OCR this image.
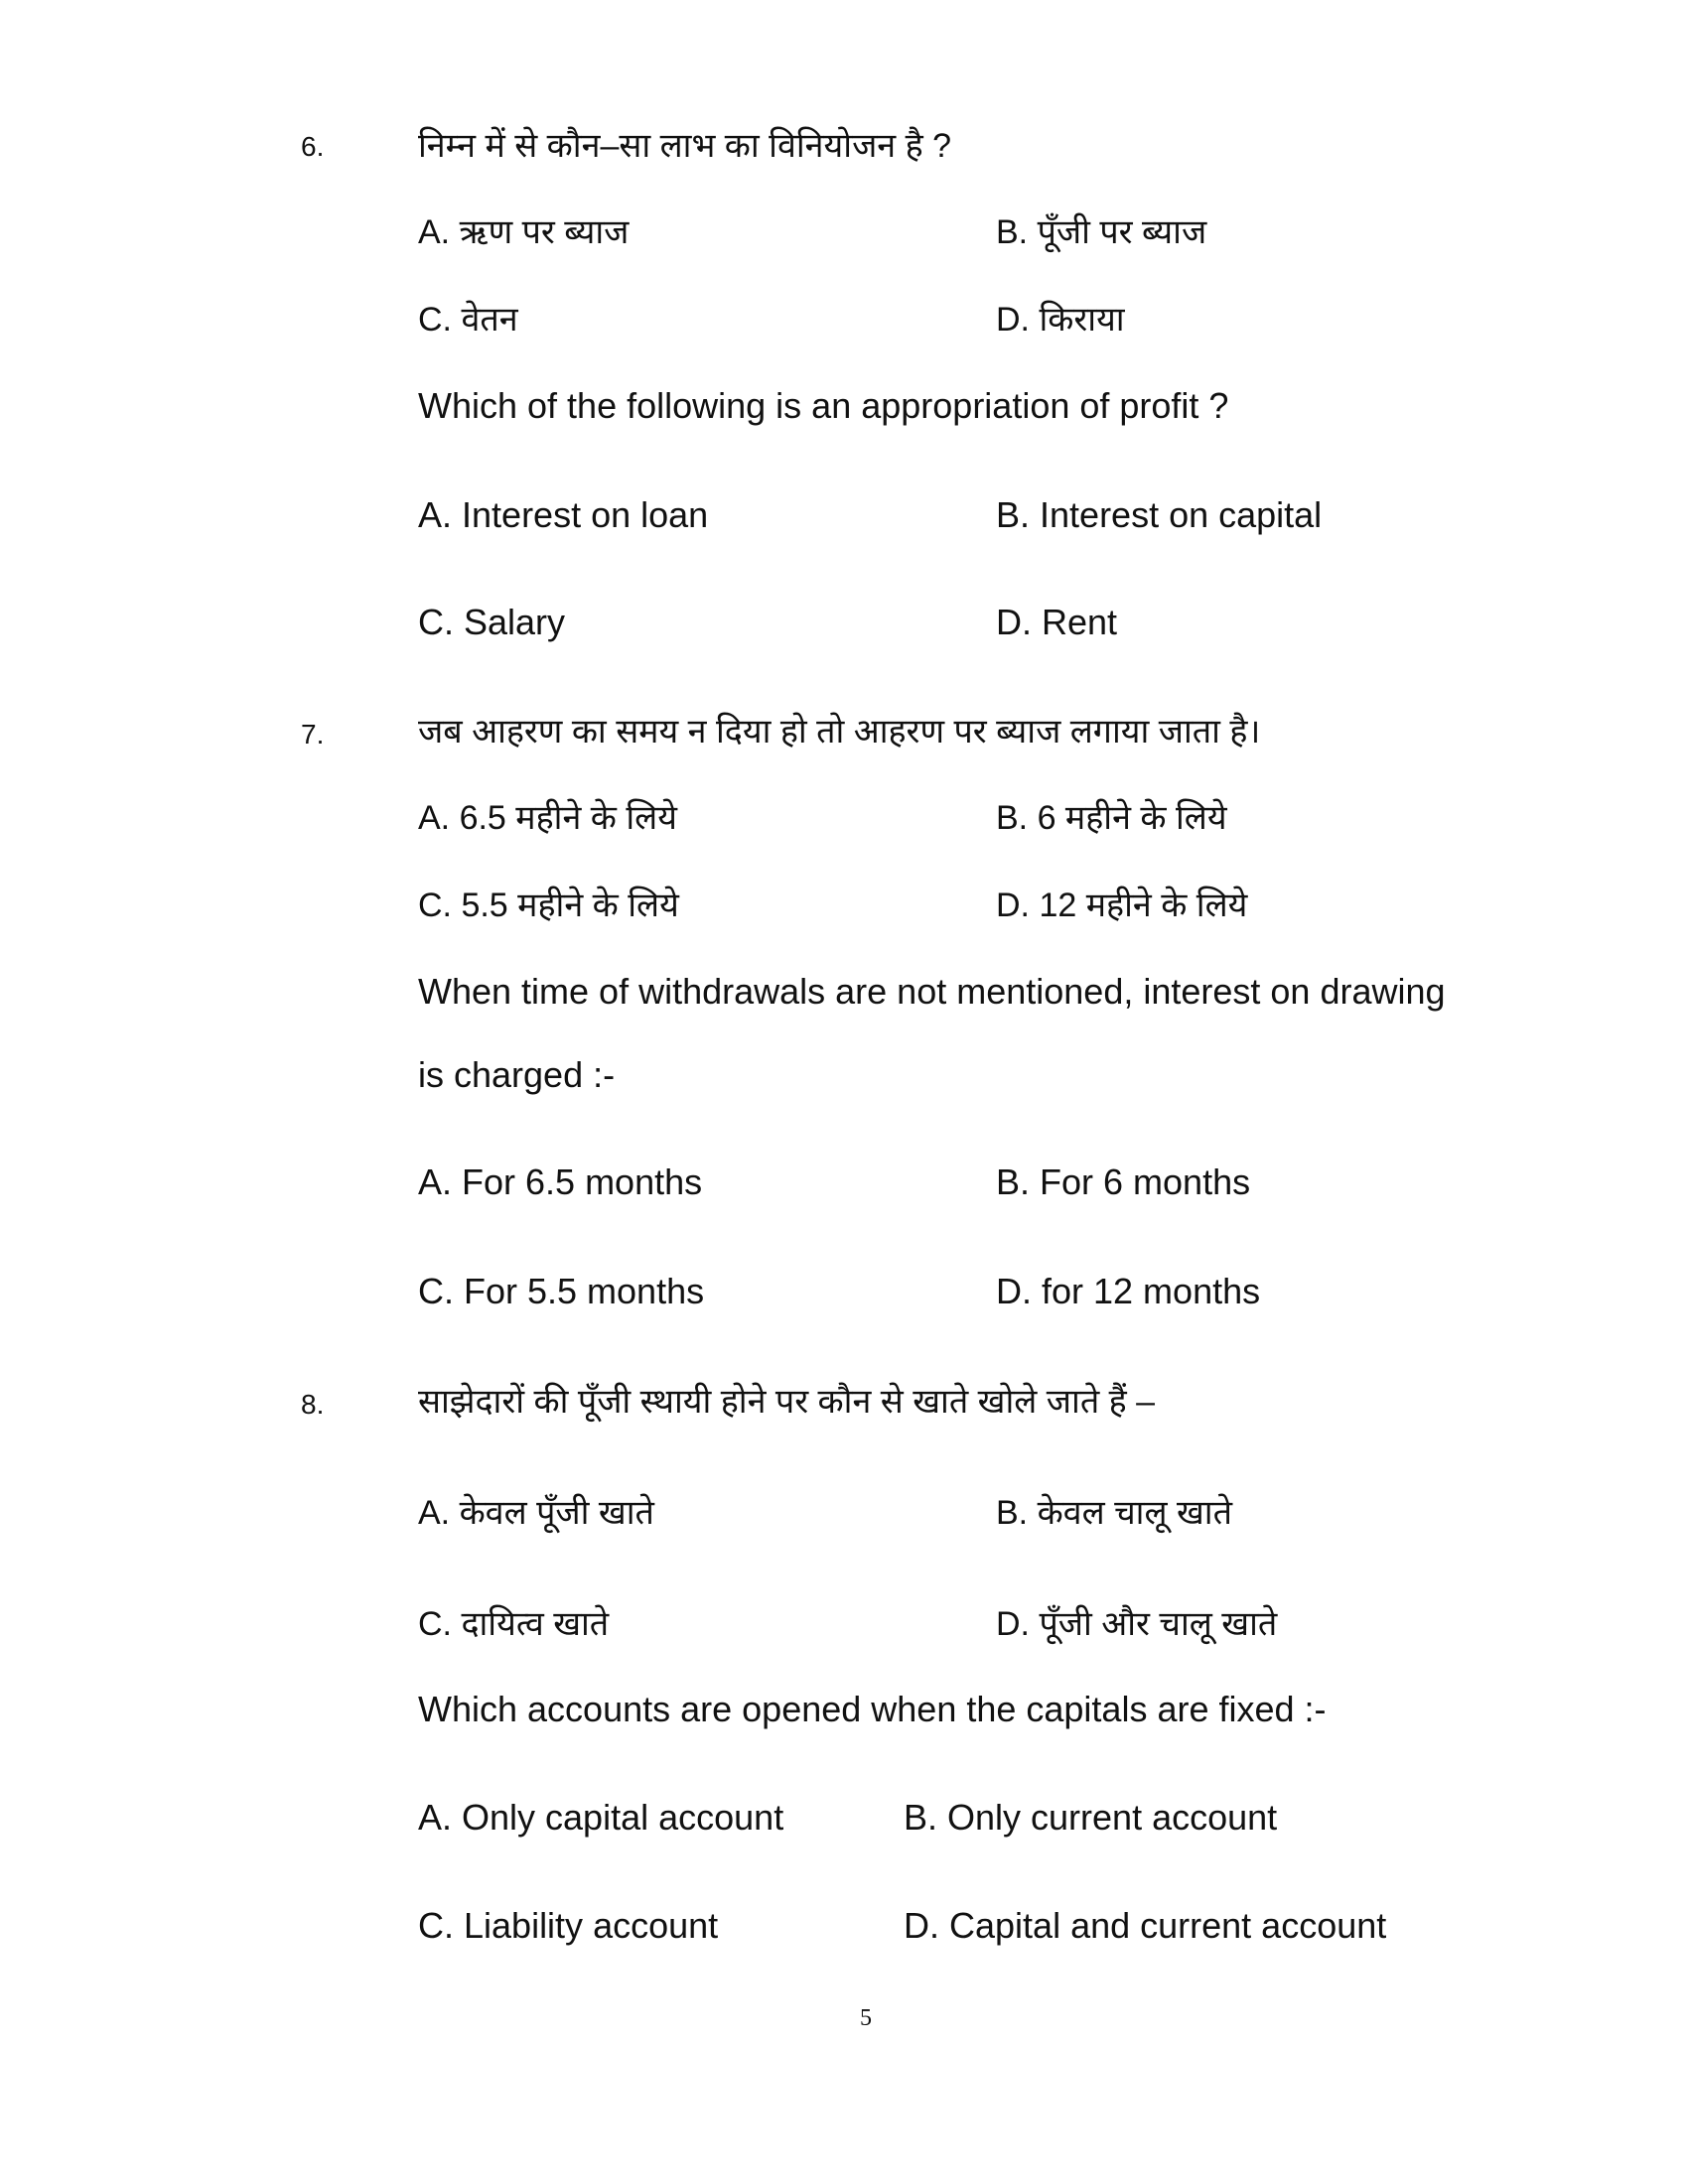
6.	निम्न में से कौन–सा लाभ का विनियोजन है ?
A. ऋण पर ब्याज	B. पूँजी पर ब्याज
C. वेतन	D. किराया
Which of the following is an appropriation of profit ?
A. Interest on loan	B. Interest on capital
C. Salary	D. Rent
7.	जब आहरण का समय न दिया हो तो आहरण पर ब्याज लगाया जाता है।
A. 6.5 महीने के लिये	B. 6 महीने के लिये
C. 5.5 महीने के लिये	D. 12 महीने के लिये
When time of withdrawals are not mentioned, interest on drawing
is charged :-
A. For 6.5 months	B. For 6 months
C. For 5.5 months	D. for 12 months
8.	साझेदारों की पूँजी स्थायी होने पर कौन से खाते खोले जाते हैं –
A. केवल पूँजी खाते	B. केवल चालू खाते
C. दायित्व खाते	D. पूँजी और चालू खाते
Which accounts are opened when the capitals are fixed :-
A. Only capital account	B. Only current account
C. Liability account	D. Capital and current account
5
